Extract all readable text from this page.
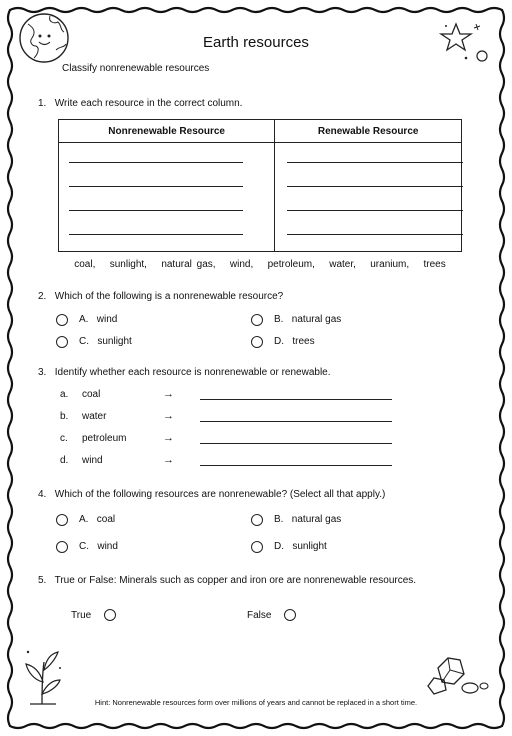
Earth resources
Classify nonrenewable resources
1. Write each resource in the correct column.
Nonrenewable Resource	Renewable Resource

coal, sunlight, natural gas, wind, petroleum, water, uranium, trees
2. Which of the following is a nonrenewable resource?
A. wind	B. natural gas
C. sunlight	D. trees
3. Identify whether each resource is nonrenewable or renewable.
a. coal	→
b. water	→
c. petroleum	→
d. wind	→
4. Which of the following resources are nonrenewable? (Select all that apply.)
A. coal	B. natural gas
C. wind	D. sunlight
5. True or False: Minerals such as copper and iron ore are nonrenewable resources.
True	False
Hint: Nonrenewable resources form over millions of years and cannot be replaced in a short time.
